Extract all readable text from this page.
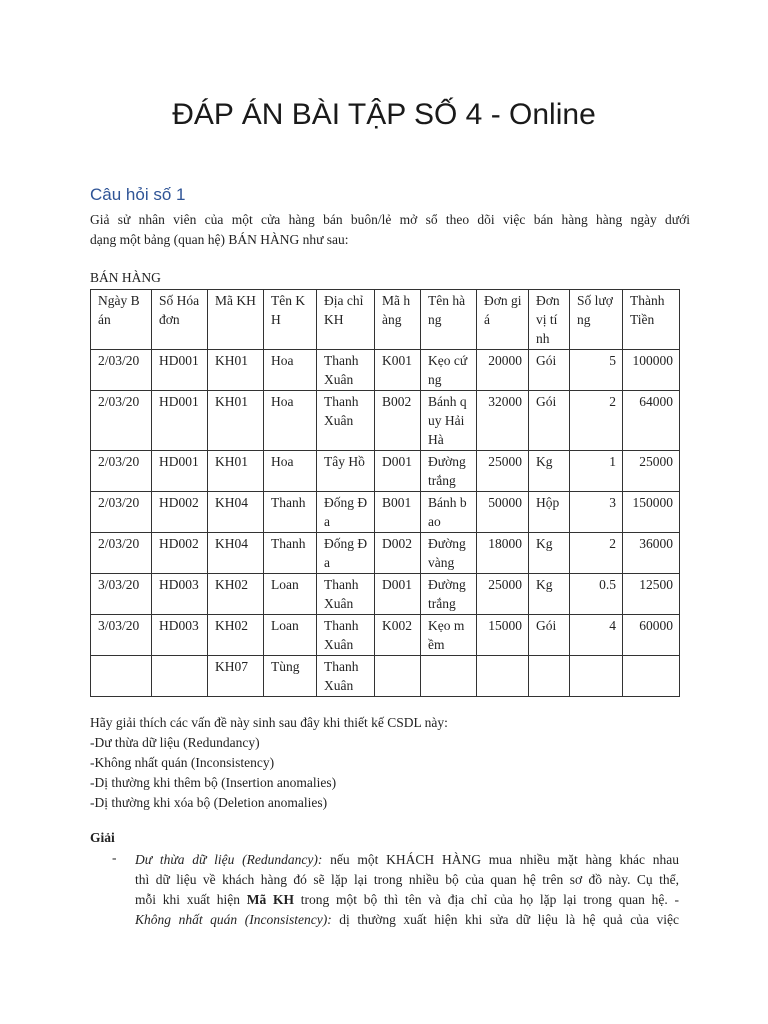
ĐÁP ÁN BÀI TẬP SỐ 4 - Online
Câu hỏi số 1
Giả sử nhân viên của một cửa hàng bán buôn/lẻ mở sổ theo dõi việc bán hàng hàng ngày dưới
dạng một bảng (quan hệ) BÁN HÀNG như sau:
BÁN HÀNG
Ngày Bán	Số Hóa đơn	Mã KH	Tên KH	Địa chỉ KH	Mã hàng	Tên hàng	Đơn giá	Đơn vị tính	Số lượng	Thành Tiền
2/03/20	HD001	KH01	Hoa	Thanh Xuân	K001	Kẹo cứng	20000	Gói	5	100000
2/03/20	HD001	KH01	Hoa	Thanh Xuân	B002	Bánh quy Hải Hà	32000	Gói	2	64000
2/03/20	HD001	KH01	Hoa	Tây Hồ	D001	Đường trắng	25000	Kg	1	25000
2/03/20	HD002	KH04	Thanh	Đống Đa	B001	Bánh bao	50000	Hộp	3	150000
2/03/20	HD002	KH04	Thanh	Đống Đa	D002	Đường vàng	18000	Kg	2	36000
3/03/20	HD003	KH02	Loan	Thanh Xuân	D001	Đường trắng	25000	Kg	0.5	12500
3/03/20	HD003	KH02	Loan	Thanh Xuân	K002	Kẹo mềm	15000	Gói	4	60000
		KH07	Tùng	Thanh Xuân						
Hãy giải thích các vấn đề này sinh sau đây khi thiết kế CSDL này:
-Dư thừa dữ liệu (Redundancy)
-Không nhất quán (Inconsistency)
-Dị thường khi thêm bộ (Insertion anomalies)
-Dị thường khi xóa bộ (Deletion anomalies)
Giải
- Dư thừa dữ liệu (Redundancy): nếu một KHÁCH HÀNG mua nhiều mặt hàng khác nhau
thì dữ liệu về khách hàng đó sẽ lặp lại trong nhiều bộ của quan hệ trên sơ đồ này. Cụ thể,
mỗi khi xuất hiện Mã KH trong một bộ thì tên và địa chỉ của họ lặp lại trong quan hệ. -
Không nhất quán (Inconsistency): dị thường xuất hiện khi sửa dữ liệu là hệ quả của việc
